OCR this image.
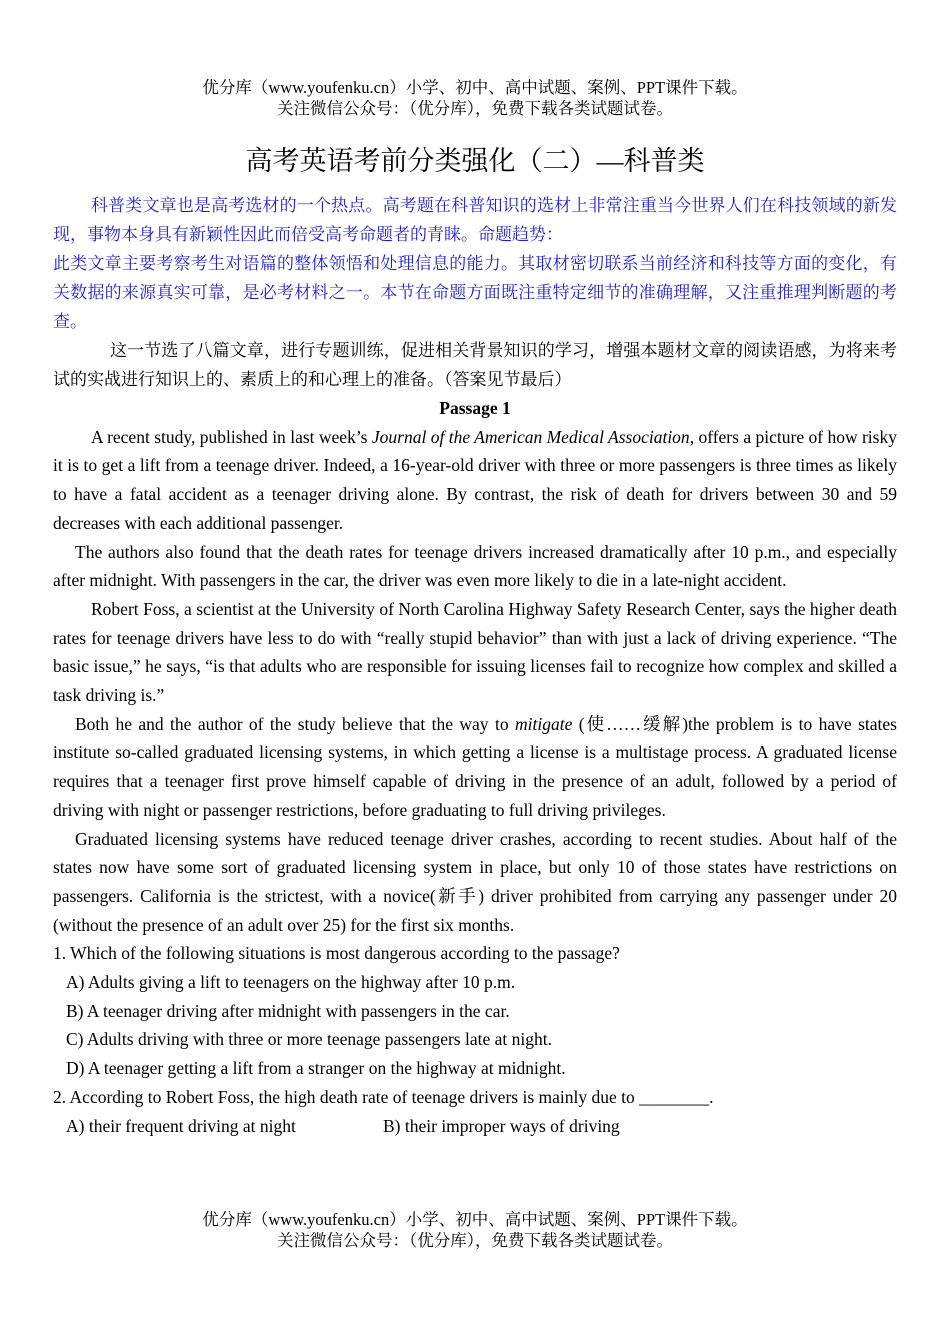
优分库（www.youfenku.cn）小学、初中、高中试题、案例、PPT课件下载。
关注微信公众号：（优分库），免费下载各类试题试卷。
高考英语考前分类强化（二）—科普类

科普类文章也是高考选材的一个热点。高考题在科普知识的选材上非常注重当今世界人们在科技领域的新发现，事物本身具有新颖性因此而倍受高考命题者的青睐。命题趋势：

此类文章主要考察考生对语篇的整体领悟和处理信息的能力。其取材密切联系当前经济和科技等方面的变化，有关数据的来源真实可靠，是必考材料之一。本节在命题方面既注重特定细节的准确理解，又注重推理判断题的考查。

这一节选了八篇文章，进行专题训练，促进相关背景知识的学习，增强本题材文章的阅读语感，为将来考试的实战进行知识上的、素质上的和心理上的准备。（答案见节最后）

Passage 1

A recent study, published in last week’s Journal of the American Medical Association, offers a picture of how risky it is to get a lift from a teenage driver. Indeed, a 16-year-old driver with three or more passengers is three times as likely to have a fatal accident as a teenager driving alone. By contrast, the risk of death for drivers between 30 and 59 decreases with each additional passenger.

The authors also found that the death rates for teenage drivers increased dramatically after 10 p.m., and especially after midnight. With passengers in the car, the driver was even more likely to die in a late-night accident.

Robert Foss, a scientist at the University of North Carolina Highway Safety Research Center, says the higher death rates for teenage drivers have less to do with “really stupid behavior” than with just a lack of driving experience. “The basic issue,” he says, “is that adults who are responsible for issuing licenses fail to recognize how complex and skilled a task driving is.”

Both he and the author of the study believe that the way to mitigate (使……缓解)the problem is to have states institute so-called graduated licensing systems, in which getting a license is a multistage process. A graduated license requires that a teenager first prove himself capable of driving in the presence of an adult, followed by a period of driving with night or passenger restrictions, before graduating to full driving privileges.

Graduated licensing systems have reduced teenage driver crashes, according to recent studies. About half of the states now have some sort of graduated licensing system in place, but only 10 of those states have restrictions on passengers. California is the strictest, with a novice(新手) driver prohibited from carrying any passenger under 20 (without the presence of an adult over 25) for the first six months.

1. Which of the following situations is most dangerous according to the passage?

A) Adults giving a lift to teenagers on the highway after 10 p.m.
B) A teenager driving after midnight with passengers in the car.
C) Adults driving with three or more teenage passengers late at night.
D) A teenager getting a lift from a stranger on the highway at midnight.

2. According to Robert Foss, the high death rate of teenage drivers is mainly due to ________.

A) their frequent driving at night	B) their improper ways of driving
优分库（www.youfenku.cn）小学、初中、高中试题、案例、PPT课件下载。
关注微信公众号：（优分库），免费下载各类试题试卷。
